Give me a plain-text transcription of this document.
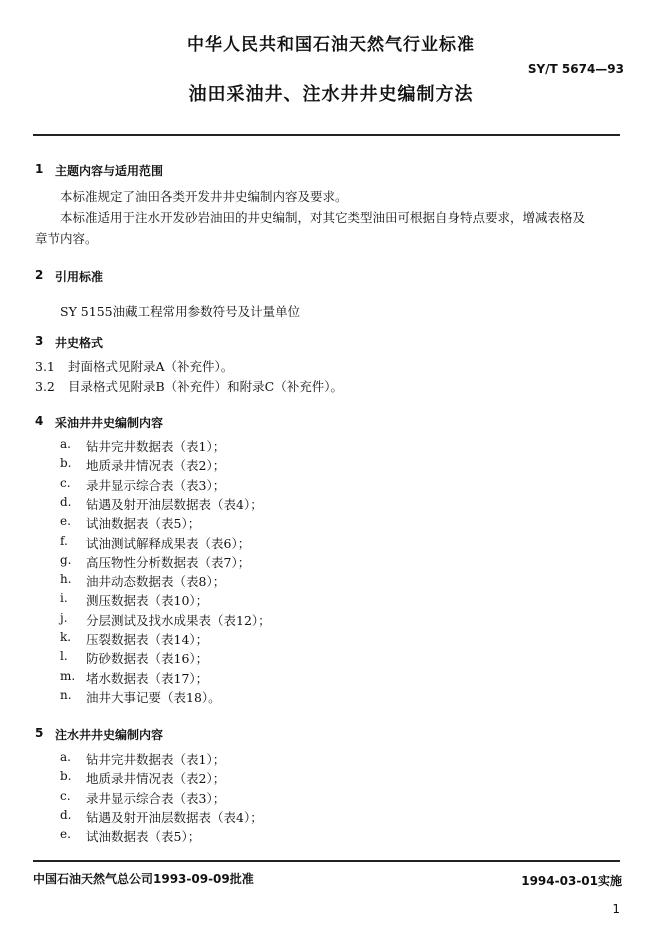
中华人民共和国石油天然气行业标准
SY/T 5674—93
油田采油井、注水井井史编制方法
1 主题内容与适用范围
本标准规定了油田各类开发井井史编制内容及要求。
本标准适用于注水开发砂岩油田的井史编制，对其它类型油田可根据自身特点要求，增减表格及
章节内容。
2 引用标准
SY 5155油藏工程常用参数符号及计量单位
3 井史格式
3.1 封面格式见附录A（补充件）。
3.2 目录格式见附录B（补充件）和附录C（补充件）。
4 采油井井史编制内容
a. 钻井完井数据表（表1）；
b. 地质录井情况表（表2）；
c. 录井显示综合表（表3）；
d. 钻遇及射开油层数据表（表4）；
e. 试油数据表（表5）；
f. 试油测试解释成果表（表6）；
g. 高压物性分析数据表（表7）；
h. 油井动态数据表（表8）；
i. 测压数据表（表10）；
j. 分层测试及找水成果表（表12）；
k. 压裂数据表（表14）；
l. 防砂数据表（表16）；
m. 堵水数据表（表17）；
n. 油井大事记要（表18）。
5 注水井井史编制内容
a. 钻井完井数据表（表1）；
b. 地质录井情况表（表2）；
c. 录井显示综合表（表3）；
d. 钻遇及射开油层数据表（表4）；
e. 试油数据表（表5）；
中国石油天然气总公司1993-09-09批准	1994-03-01实施
1
